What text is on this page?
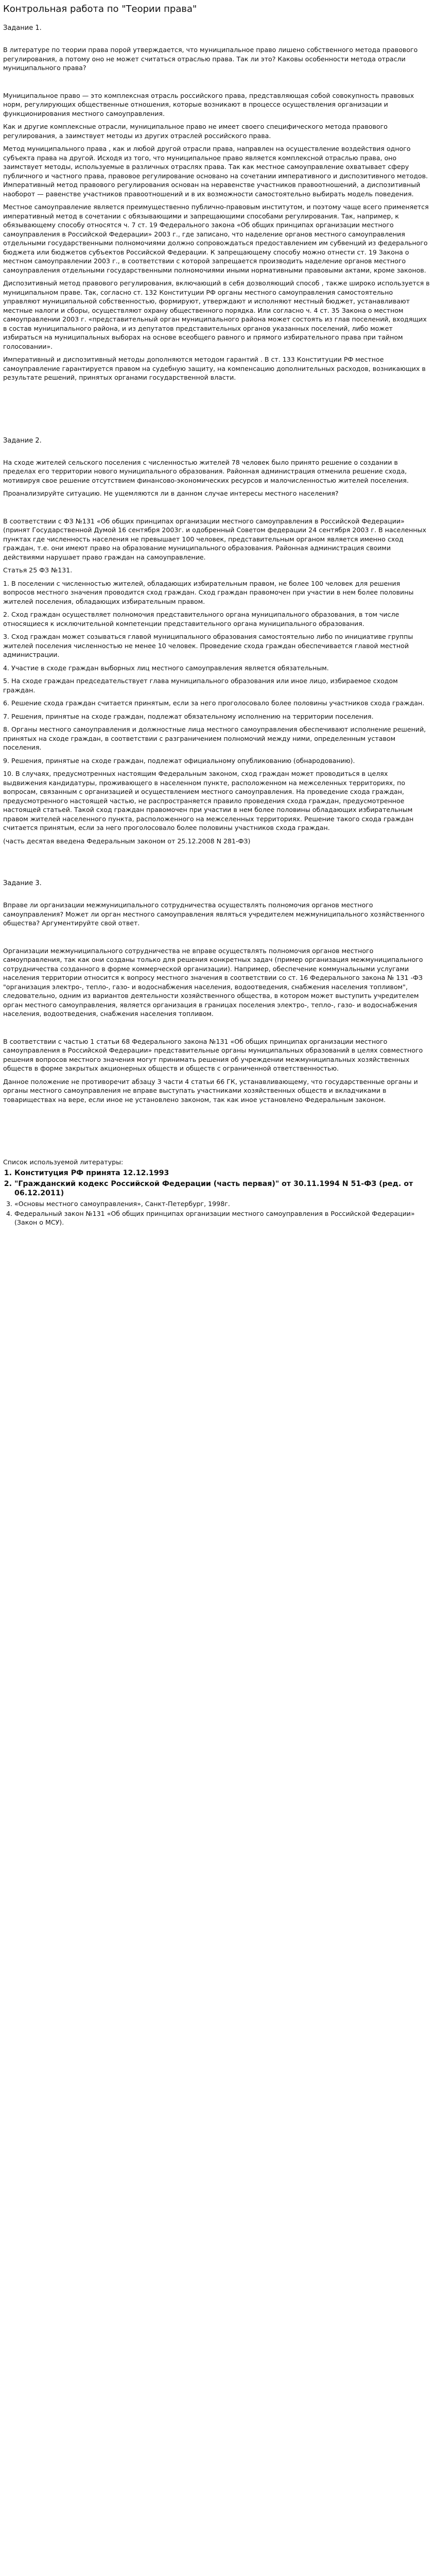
Контрольная работа по "Теории права"
Задание 1.

В литературе по теории права порой утверждается, что муниципальное право лишено собственного метода правового регулирования, а потому оно не может считаться отраслью права. Так ли это? Каковы особенности метода отрасли муниципального права?

Муниципальное право — это комплексная отрасль российского права, представляющая собой совокупность правовых норм, регулирующих общественные отношения, которые возникают в процессе осуществления организации и функционирования местного самоуправления.

Как и другие комплексные отрасли, муниципальное право не имеет своего специфического метода правового регулирования, а заимствует методы из других отраслей российского права.

Метод муниципального права , как и любой другой отрасли права, направлен на осуществление воздействия одного субъекта права на другой. Исходя из того, что муниципальное право является комплексной отраслью права, оно заимствует методы, используемые в различных отраслях права. Так как местное самоуправление охватывает сферу публичного и частного права, правовое регулирование основано на сочетании императивного и диспозитивного методов. Императивный метод правового регулирования основан на неравенстве участников правоотношений, а диспозитивный наоборот — равенстве участников правоотношений и в их возможности самостоятельно выбирать модель поведения.

Местное самоуправление является преимущественно публично-правовым институтом, и поэтому чаще всего применяется императивный метод в сочетании с обязывающими и запрещающими способами регулирования. Так, например, к обязывающему способу относятся ч. 7 ст. 19 Федерального закона «Об общих принципах организации местного самоуправления в Российской Федерации» 2003 г., где записано, что наделение органов местного самоуправления отдельными государственными полномочиями должно сопровождаться предоставлением им субвенций из федерального бюджета или бюджетов субъектов Российской Федерации. К запрещающему способу можно отнести ст. 19 Закона о местном самоуправлении 2003 г., в соответствии с которой запрещается производить наделение органов местного самоуправления отдельными государственными полномочиями иными нормативными правовыми актами, кроме законов.

Диспозитивный метод правового регулирования, включающий в себя дозволяющий способ , также широко используется в муниципальном праве. Так, согласно ст. 132 Конституции РФ органы местного самоуправления самостоятельно управляют муниципальной собственностью, формируют, утверждают и исполняют местный бюджет, устанавливают местные налоги и сборы, осуществляют охрану общественного порядка. Или согласно ч. 4 ст. 35 Закона о местном самоуправлении 2003 г. «представительный орган муниципального района может состоять из глав поселений, входящих в состав муниципального района, и из депутатов представительных органов указанных поселений, либо может избираться на муниципальных выборах на основе всеобщего равного и прямого избирательного права при тайном голосовании».

Императивный и диспозитивный методы дополняются методом гарантий . В ст. 133 Конституции РФ местное самоуправление гарантируется правом на судебную защиту, на компенсацию дополнительных расходов, возникающих в результате решений, принятых органами государственной власти.

Задание 2.

На сходе жителей сельского поселения с численностью жителей 78 человек было принято решение о создании в пределах его территории нового муниципального образования. Районная администрация отменила решение схода, мотивируя свое решение отсутствием финансово-экономических ресурсов и малочисленностью жителей поселения.

Проанализируйте ситуацию. Не ущемляются ли в данном случае интересы местного населения?

В соответствии с ФЗ №131 «Об общих принципах организации местного самоуправления в Российской Федерации» (принят Государственной Думой 16 сентября 2003г. и одобренный Советом федерации 24 сентября 2003 г. В населенных пунктах где численность населения не превышает 100 человек, представительным органом является именно сход граждан, т.е. они имеют право на образование муниципального образования. Районная администрация своими действиями нарушает право граждан на самоуправление.

Статья 25 ФЗ №131.

1. В поселении с численностью жителей, обладающих избирательным правом, не более 100 человек для решения вопросов местного значения проводится сход граждан. Сход граждан правомочен при участии в нем более половины жителей поселения, обладающих избирательным правом.

2. Сход граждан осуществляет полномочия представительного органа муниципального образования, в том числе относящиеся к исключительной компетенции представительного органа муниципального образования.

3. Сход граждан может созываться главой муниципального образования самостоятельно либо по инициативе группы жителей поселения численностью не менее 10 человек. Проведение схода граждан обеспечивается главой местной администрации.

4. Участие в сходе граждан выборных лиц местного самоуправления является обязательным.

5. На сходе граждан председательствует глава муниципального образования или иное лицо, избираемое сходом граждан.

6. Решение схода граждан считается принятым, если за него проголосовало более половины участников схода граждан.

7. Решения, принятые на сходе граждан, подлежат обязательному исполнению на территории поселения.

8. Органы местного самоуправления и должностные лица местного самоуправления обеспечивают исполнение решений, принятых на сходе граждан, в соответствии с разграничением полномочий между ними, определенным уставом поселения.

9. Решения, принятые на сходе граждан, подлежат официальному опубликованию (обнародованию).

10. В случаях, предусмотренных настоящим Федеральным законом, сход граждан может проводиться в целях выдвижения кандидатуры, проживающего в населенном пункте, расположенном на межселенных территориях, по вопросам, связанным с организацией и осуществлением местного самоуправления. На проведение схода граждан, предусмотренного настоящей частью, не распространяется правило проведения схода граждан, предусмотренное настоящей статьей. Такой сход граждан правомочен при участии в нем более половины обладающих избирательным правом жителей населенного пункта, расположенного на межселенных территориях. Решение такого схода граждан считается принятым, если за него проголосовало более половины участников схода граждан.

(часть десятая введена Федеральным законом от 25.12.2008 N 281-ФЗ)

Задание 3.

Вправе ли организации межмуниципального сотрудничества осуществлять полномочия органов местного самоуправления? Может ли орган местного самоуправления являться учредителем межмуниципального хозяйственного общества? Аргументируйте свой ответ.

Организации межмуниципального сотрудничества не вправе осуществлять полномочия органов местного самоуправления, так как они созданы только для решения конкретных задач (пример организация межмуниципального сотрудничества созданного в форме коммерческой организации). Например, обеспечение коммунальными услугами населения территории относится к вопросу местного значения в соответствии со ст. 16 Федерального закона № 131 -ФЗ "организация электро-, тепло-, газо- и водоснабжения населения, водоотведения, снабжения населения топливом", следовательно, одним из вариантов деятельности хозяйственного общества, в котором может выступить учредителем орган местного самоуправления, является организация в границах поселения электро-, тепло-, газо- и водоснабжения населения, водоотведения, снабжения населения топливом.

В соответствии с частью 1 статьи 68 Федерального закона №131 «Об общих принципах организации местного самоуправления в Российской Федерации» представительные органы муниципальных образований в целях совместного решения вопросов местного значения могут принимать решения об учреждении межмуниципальных хозяйственных обществ в форме закрытых акционерных обществ и обществ с ограниченной ответственностью.

Данное положение не противоречит абзацу 3 части 4 статьи 66 ГК, устанавливающему, что государственные органы и органы местного самоуправления не вправе выступать участниками хозяйственных обществ и вкладчиками в товариществах на вере, если иное не установлено законом, так как иное установлено Федеральным законом.

Список используемой литературы:

1. Конституция РФ принята 12.12.1993
2. "Гражданский кодекс Российской Федерации (часть первая)" от 30.11.1994 N 51-ФЗ (ред. от 06.12.2011)
3. «Основы местного самоуправления», Санкт-Петербург, 1998г.
4. Федеральный закон №131 «Об общих принципах организации местного самоуправления в Российской Федерации» (Закон о МСУ).
